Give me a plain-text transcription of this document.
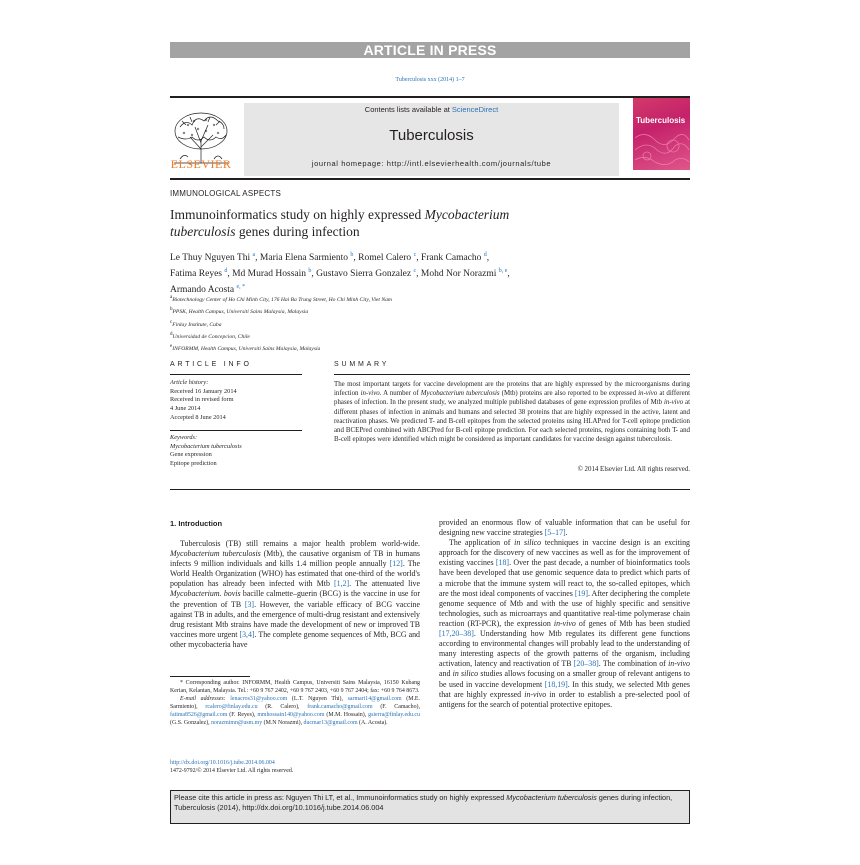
ARTICLE IN PRESS
Tuberculosis xxx (2014) 1–7
ELSEVIER
Contents lists available at ScienceDirect
Tuberculosis
journal homepage: http://intl.elsevierhealth.com/journals/tube
Tuberculosis
IMMUNOLOGICAL ASPECTS
Immunoinformatics study on highly expressed Mycobacterium
tuberculosis genes during infection
Le Thuy Nguyen Thi $^a$, Maria Elena Sarmiento $^b$, Romel Calero $^c$, Frank Camacho $^d$,
Fatima Reyes $^d$, Md Murad Hossain $^b$, Gustavo Sierra Gonzalez $^c$, Mohd Nor Norazmi $^{b, e}$,
Armando Acosta $^{e, *}$
$^a$Biotechnology Center of Ho Chi Minh City, 176 Hai Ba Trung Street, Ho Chi Minh City, Viet Nam
$^b$PPSK, Health Campus, Universiti Sains Malaysia, Malaysia
$^c$Finlay Institute, Cuba
$^d$Universidad de Concepcion, Chile
$^e$INFORMM, Health Campus, Universiti Sains Malaysia, Malaysia
ARTICLE INFO
Article history:
Received 16 January 2014
Received in revised form
4 June 2014
Accepted 8 June 2014
Keywords:
Mycobacterium tuberculosis
Gene expression
Epitope prediction
SUMMARY
The most important targets for vaccine development are the proteins that are highly expressed by the microorganisms during infection in-vivo. A number of Mycobacterium tuberculosis (Mtb) proteins are also reported to be expressed in-vivo at different phases of infection. In the present study, we analyzed multiple published databases of gene expression profiles of Mtb in-vivo at different phases of infection in animals and humans and selected 38 proteins that are highly expressed in the active, latent and reactivation phases. We predicted T- and B-cell epitopes from the selected proteins using HLAPred for T-cell epitope prediction and BCEPred combined with ABCPred for B-cell epitope prediction. For each selected proteins, regions containing both T- and B-cell epitopes were identified which might be considered as important candidates for vaccine design against tuberculosis.
© 2014 Elsevier Ltd. All rights reserved.
1. Introduction

Tuberculosis (TB) still remains a major health problem world-wide. Mycobacterium tuberculosis (Mtb), the causative organism of TB in humans infects 9 million individuals and kills 1.4 million people annually [12]. The World Health Organization (WHO) has estimated that one-third of the world's population has already been infected with Mtb [1,2]. The attenuated live Mycobacterium. bovis bacille calmette–guerin (BCG) is the vaccine in use for the prevention of TB [3]. However, the variable efficacy of BCG vaccine against TB in adults, and the emergence of multi-drug resistant and extensively drug resistant Mtb strains have made the development of new or improved TB vaccines more urgent [3,4]. The complete genome sequences of Mtb, BCG and other mycobacteria have

* Corresponding author. INFORMM, Health Campus, Universiti Sains Malaysia, 16150 Kubang Kerian, Kelantan, Malaysia. Tel.: +60 9 767 2402, +60 9 767 2403, +60 9 767 2404; fax: +60 9 764 8673.
E-mail addresses: lenacros31@yahoo.com (L.T. Nguyen Thi), sarmari14@gmail.com (M.E. Sarmiento), rcalero@finlay.edu.cu (R. Calero), frank.camacho@gmail.com (F. Camacho), fatima8526@gmail.com (F. Reyes), mmhossain140@yahoo.com (M.M. Hossain), gsierra@finlay.edu.cu (G.S. Gonzalez), norazmimn@usm.my (M.N Norazmi), ducmar13@gmail.com (A. Acosta).
http://dx.doi.org/10.1016/j.tube.2014.06.004
1472-9792/© 2014 Elsevier Ltd. All rights reserved.

provided an enormous flow of valuable information that can be useful for designing new vaccine strategies [5–17].

The application of in silico techniques in vaccine design is an exciting approach for the discovery of new vaccines as well as for the improvement of existing vaccines [18]. Over the past decade, a number of bioinformatics tools have been developed that use genomic sequence data to predict which parts of a microbe that the immune system will react to, the so-called epitopes, which are the most ideal components of vaccines [19]. After deciphering the complete genome sequence of Mtb and with the use of highly specific and sensitive technologies, such as microarrays and quantitative real-time polymerase chain reaction (RT-PCR), the expression in-vivo of genes of Mtb has been studied [17,20–38]. Understanding how Mtb regulates its different gene functions according to environmental changes will probably lead to the understanding of many interesting aspects of the growth patterns of the organism, including activation, latency and reactivation of TB [20–38]. The combination of in-vivo and in silico studies allows focusing on a smaller group of relevant antigens to be used in vaccine development [18,19]. In this study, we selected Mtb genes that are highly expressed in-vivo in order to establish a pre-selected pool of antigens for the search of potential protective epitopes.

Please cite this article in press as: Nguyen Thi LT, et al., Immunoinformatics study on highly expressed Mycobacterium tuberculosis genes during infection, Tuberculosis (2014), http://dx.doi.org/10.1016/j.tube.2014.06.004
